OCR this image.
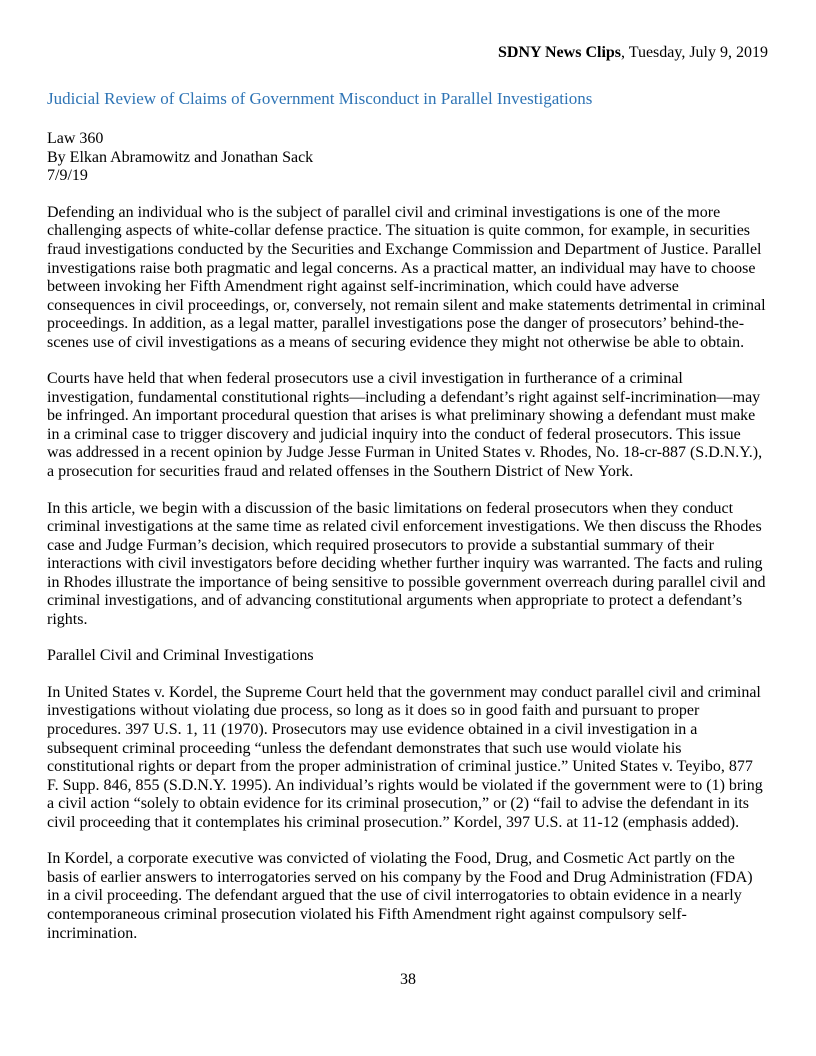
SDNY News Clips, Tuesday, July 9, 2019
Judicial Review of Claims of Government Misconduct in Parallel Investigations
Law 360
By Elkan Abramowitz and Jonathan Sack
7/9/19

Defending an individual who is the subject of parallel civil and criminal investigations is one of the more challenging aspects of white-collar defense practice. The situation is quite common, for example, in securities fraud investigations conducted by the Securities and Exchange Commission and Department of Justice. Parallel investigations raise both pragmatic and legal concerns. As a practical matter, an individual may have to choose between invoking her Fifth Amendment right against self-incrimination, which could have adverse consequences in civil proceedings, or, conversely, not remain silent and make statements detrimental in criminal proceedings. In addition, as a legal matter, parallel investigations pose the danger of prosecutors’ behind-the-scenes use of civil investigations as a means of securing evidence they might not otherwise be able to obtain.

Courts have held that when federal prosecutors use a civil investigation in furtherance of a criminal investigation, fundamental constitutional rights—including a defendant’s right against self-incrimination—may be infringed. An important procedural question that arises is what preliminary showing a defendant must make in a criminal case to trigger discovery and judicial inquiry into the conduct of federal prosecutors. This issue was addressed in a recent opinion by Judge Jesse Furman in United States v. Rhodes, No. 18-cr-887 (S.D.N.Y.), a prosecution for securities fraud and related offenses in the Southern District of New York.

In this article, we begin with a discussion of the basic limitations on federal prosecutors when they conduct criminal investigations at the same time as related civil enforcement investigations. We then discuss the Rhodes case and Judge Furman’s decision, which required prosecutors to provide a substantial summary of their interactions with civil investigators before deciding whether further inquiry was warranted. The facts and ruling in Rhodes illustrate the importance of being sensitive to possible government overreach during parallel civil and criminal investigations, and of advancing constitutional arguments when appropriate to protect a defendant’s rights.

Parallel Civil and Criminal Investigations

In United States v. Kordel, the Supreme Court held that the government may conduct parallel civil and criminal investigations without violating due process, so long as it does so in good faith and pursuant to proper procedures. 397 U.S. 1, 11 (1970). Prosecutors may use evidence obtained in a civil investigation in a subsequent criminal proceeding “unless the defendant demonstrates that such use would violate his constitutional rights or depart from the proper administration of criminal justice.” United States v. Teyibo, 877 F. Supp. 846, 855 (S.D.N.Y. 1995). An individual’s rights would be violated if the government were to (1) bring a civil action “solely to obtain evidence for its criminal prosecution,” or (2) “fail to advise the defendant in its civil proceeding that it contemplates his criminal prosecution.” Kordel, 397 U.S. at 11-12 (emphasis added).

In Kordel, a corporate executive was convicted of violating the Food, Drug, and Cosmetic Act partly on the basis of earlier answers to interrogatories served on his company by the Food and Drug Administration (FDA) in a civil proceeding. The defendant argued that the use of civil interrogatories to obtain evidence in a nearly contemporaneous criminal prosecution violated his Fifth Amendment right against compulsory self-incrimination.

38
